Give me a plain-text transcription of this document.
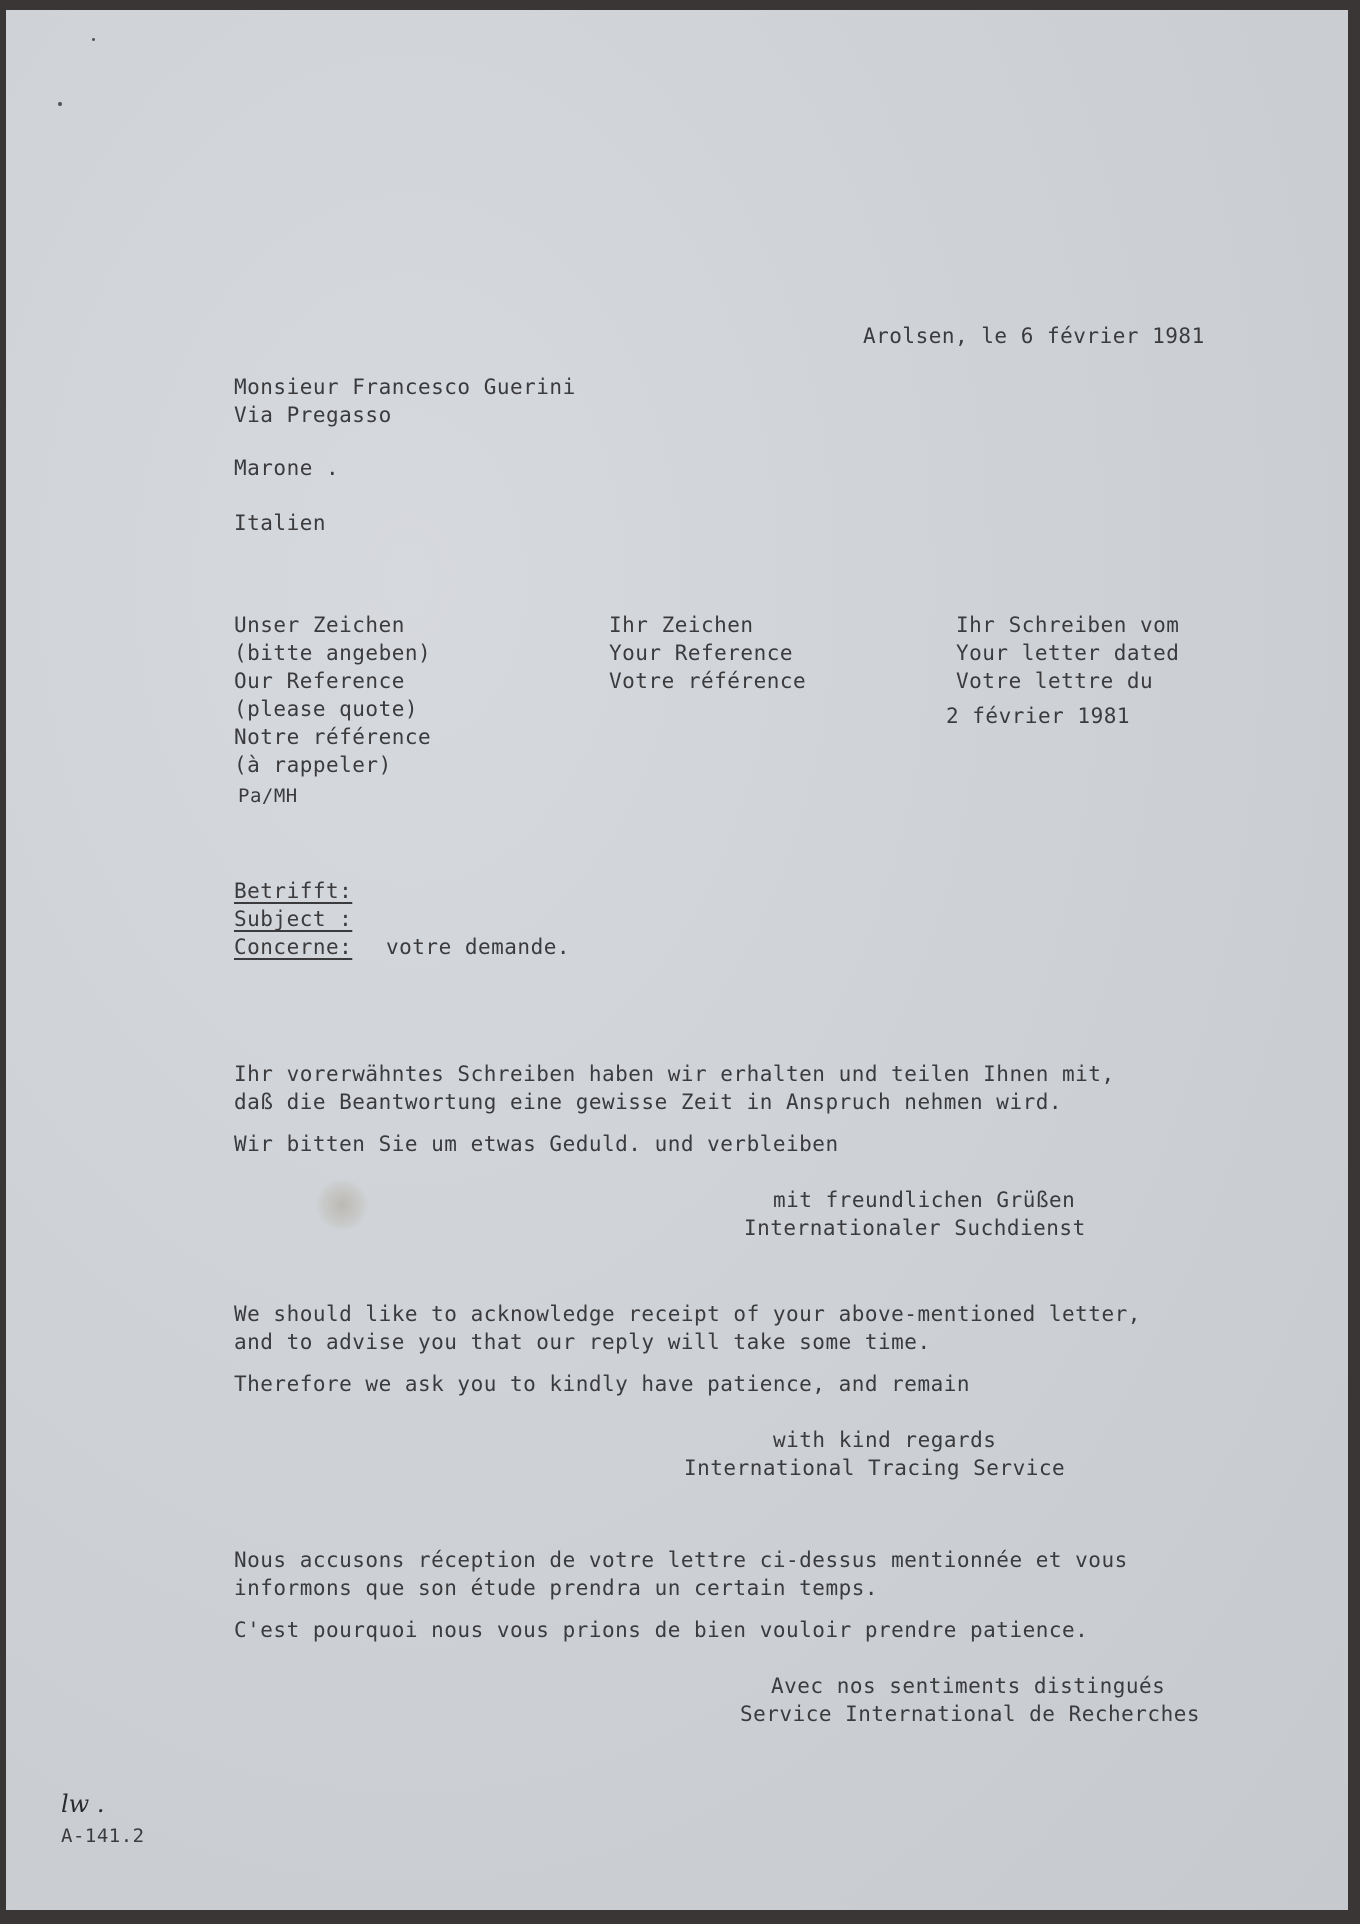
Arolsen, le 6 février 1981
Monsieur Francesco Guerini
Via Pregasso
Marone .
Italien
Unser Zeichen
(bitte angeben)
Our Reference
(please quote)
Notre référence
(à rappeler)
Pa/MH
Ihr Zeichen
Your Reference
Votre référence
Ihr Schreiben vom
Your letter dated
Votre lettre du
2 février 1981
Betrifft:
Subject :
Concerne: votre demande.
Ihr vorerwähntes Schreiben haben wir erhalten und teilen Ihnen mit,
daß die Beantwortung eine gewisse Zeit in Anspruch nehmen wird.
Wir bitten Sie um etwas Geduld. und verbleiben
mit freundlichen Grüßen
Internationaler Suchdienst
We should like to acknowledge receipt of your above-mentioned letter,
and to advise you that our reply will take some time.
Therefore we ask you to kindly have patience, and remain
with kind regards
International Tracing Service
Nous accusons réception de votre lettre ci-dessus mentionnée et vous
informons que son étude prendra un certain temps.
C'est pourquoi nous vous prions de bien vouloir prendre patience.
Avec nos sentiments distingués
Service International de Recherches
lw .
A-141.2
